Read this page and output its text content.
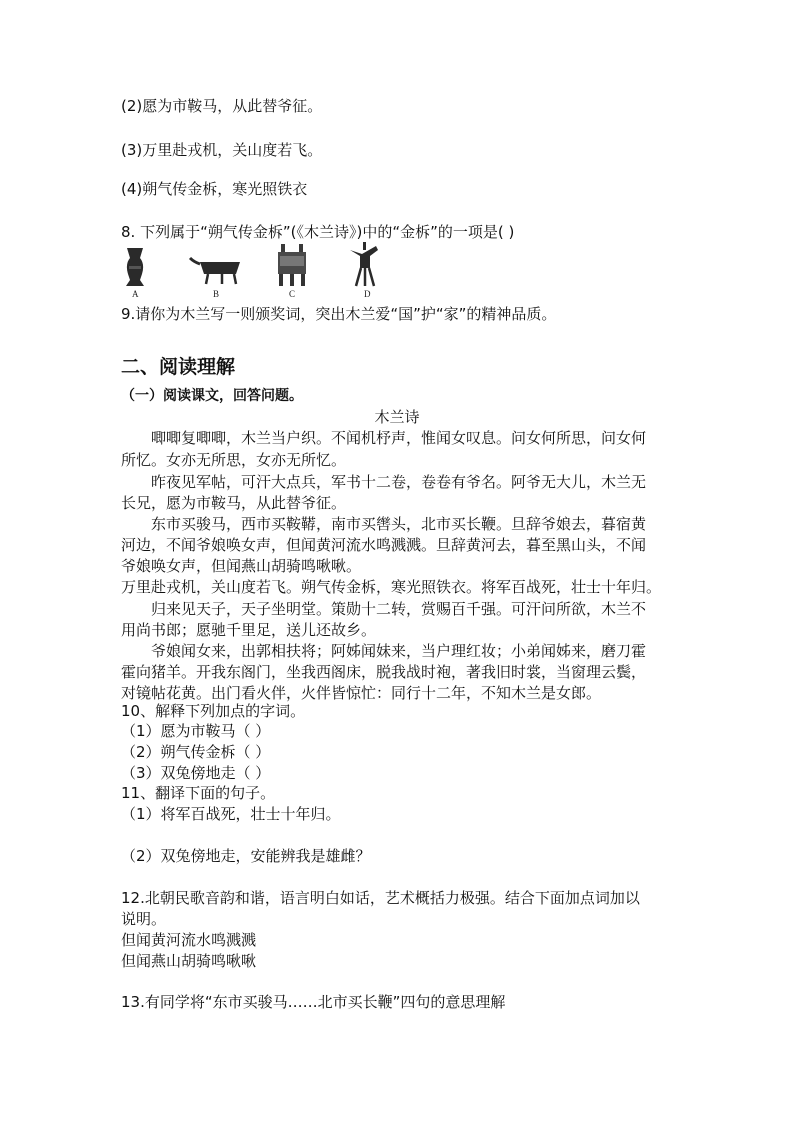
(2)愿为市鞍马，从此替爷征。
(3)万里赴戎机，关山度若飞。
(4)朔气传金柝，寒光照铁衣
8. 下列属于“朔气传金柝”(《木兰诗》)中的“金柝”的一项是( )
A	B	C	D
9.请你为木兰写一则颁奖词，突出木兰爱“国”护“家”的精神品质。
二、阅读理解
（一）阅读课文，回答问题。
木兰诗
唧唧复唧唧，木兰当户织。不闻机杼声，惟闻女叹息。问女何所思，问女何
所忆。女亦无所思，女亦无所忆。
昨夜见军帖，可汗大点兵，军书十二卷，卷卷有爷名。阿爷无大儿，木兰无
长兄，愿为市鞍马，从此替爷征。
东市买骏马，西市买鞍鞯，南市买辔头，北市买长鞭。旦辞爷娘去，暮宿黄
河边，不闻爷娘唤女声，但闻黄河流水鸣溅溅。旦辞黄河去，暮至黑山头，不闻
爷娘唤女声，但闻燕山胡骑鸣啾啾。
万里赴戎机，关山度若飞。朔气传金柝，寒光照铁衣。将军百战死，壮士十年归。
归来见天子，天子坐明堂。策勋十二转，赏赐百千强。可汗问所欲，木兰不
用尚书郎；愿驰千里足，送儿还故乡。
爷娘闻女来，出郭相扶将；阿姊闻妹来，当户理红妆；小弟闻姊来，磨刀霍
霍向猪羊。开我东阁门，坐我西阁床，脱我战时袍，著我旧时裳，当窗理云鬓，
对镜帖花黄。出门看火伴，火伴皆惊忙：同行十二年，不知木兰是女郎。
10、解释下列加点的字词。
（1）愿为市鞍马（ ）
（2）朔气传金柝（ ）
（3）双兔傍地走（ ）
11、翻译下面的句子。
（1）将军百战死，壮士十年归。
（2）双兔傍地走，安能辨我是雄雌？
12.北朝民歌音韵和谐，语言明白如话，艺术概括力极强。结合下面加点词加以
说明。
但闻黄河流水鸣溅溅
但闻燕山胡骑鸣啾啾
13.有同学将“东市买骏马……北市买长鞭”四句的意思理解
